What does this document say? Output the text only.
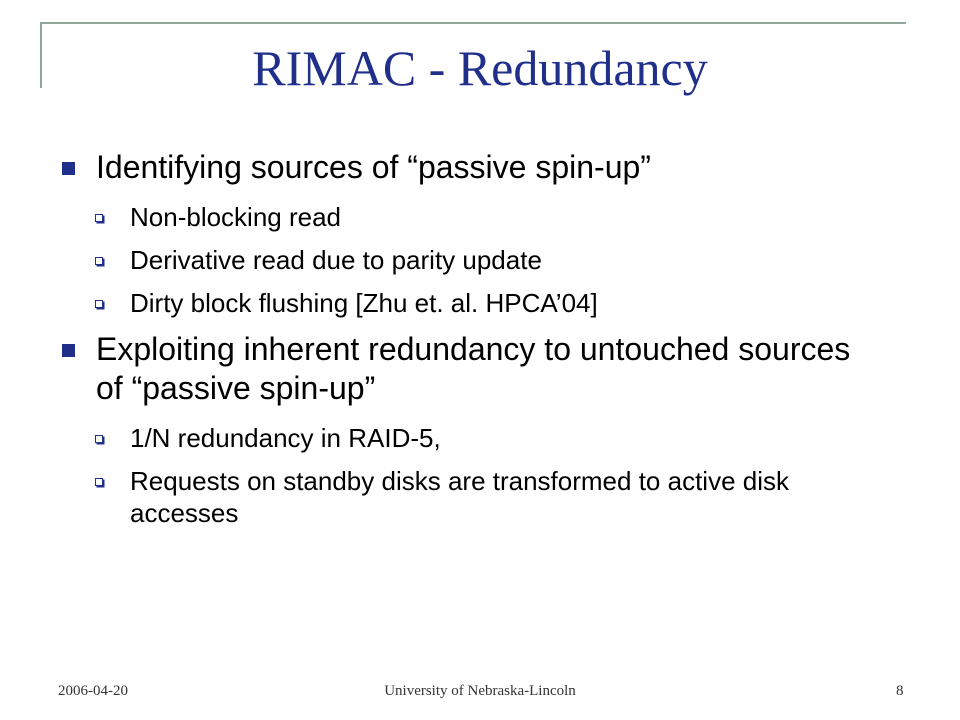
RIMAC - Redundancy
Identifying sources of “passive spin-up”
Non-blocking read
Derivative read due to parity update
Dirty block flushing [Zhu et. al. HPCA’04]
Exploiting inherent redundancy to untouched sources of “passive spin-up”
1/N redundancy in RAID-5,
Requests on standby disks are transformed to active disk accesses
2006-04-20	University of Nebraska-Lincoln	8
